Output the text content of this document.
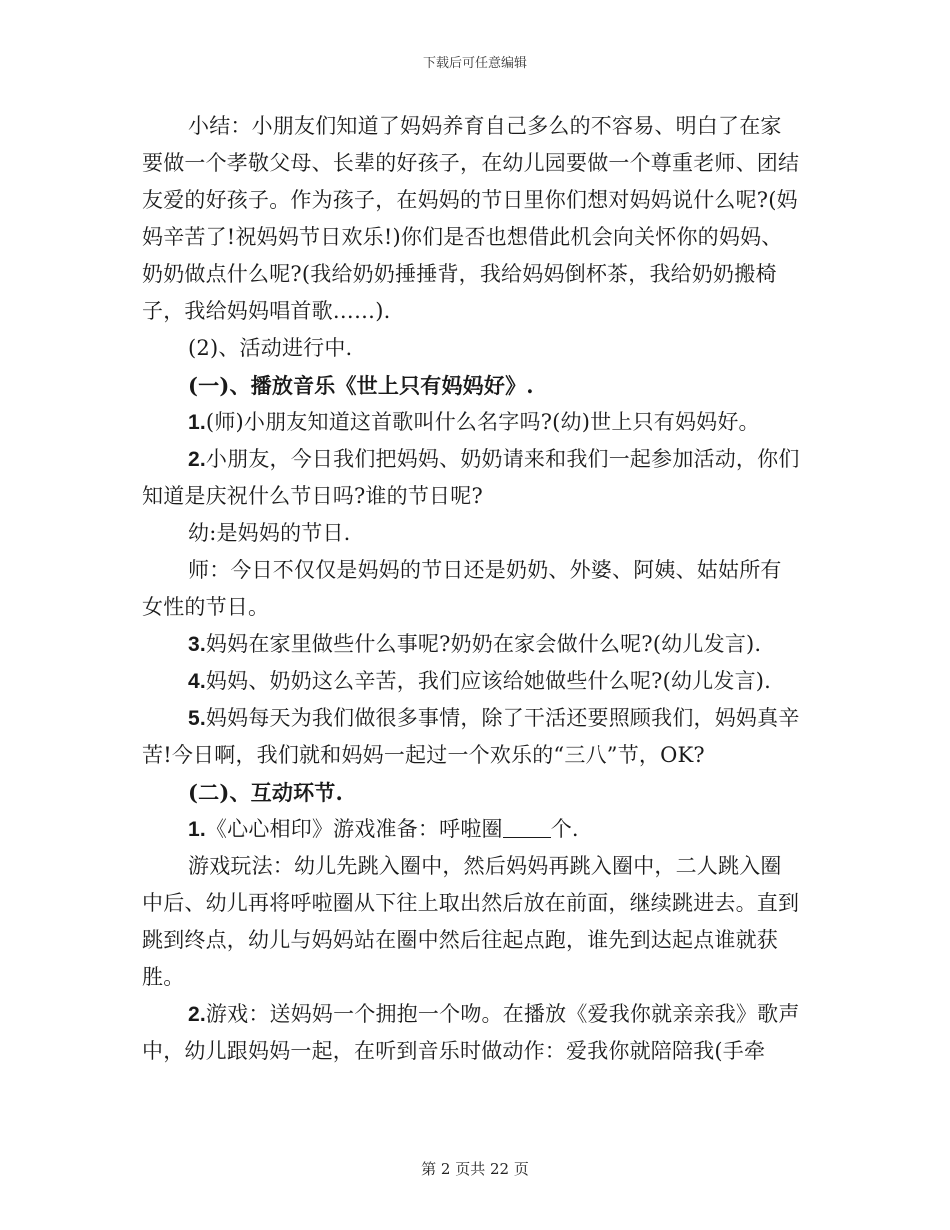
下载后可任意编辑

小结：小朋友们知道了妈妈养育自己多么的不容易、明白了在家要做一个孝敬父母、长辈的好孩子，在幼儿园要做一个尊重老师、团结友爱的好孩子。作为孩子，在妈妈的节日里你们想对妈妈说什么呢?(妈妈辛苦了!祝妈妈节日欢乐!)你们是否也想借此机会向关怀你的妈妈、奶奶做点什么呢?(我给奶奶捶捶背，我给妈妈倒杯茶，我给奶奶搬椅子，我给妈妈唱首歌……).

(2)、活动进行中.

(一)、播放音乐《世上只有妈妈好》.

1.(师)小朋友知道这首歌叫什么名字吗?(幼)世上只有妈妈好。

2.小朋友，今日我们把妈妈、奶奶请来和我们一起参加活动，你们知道是庆祝什么节日吗?谁的节日呢?

幼:是妈妈的节日.

师：今日不仅仅是妈妈的节日还是奶奶、外婆、阿姨、姑姑所有女性的节日。

3.妈妈在家里做些什么事呢?奶奶在家会做什么呢?(幼儿发言).

4.妈妈、奶奶这么辛苦，我们应该给她做些什么呢?(幼儿发言).

5.妈妈每天为我们做很多事情，除了干活还要照顾我们，妈妈真辛苦!今日啊，我们就和妈妈一起过一个欢乐的“三八”节，OK?

(二)、互动环节.

1.《心心相印》游戏准备：呼啦圈 个.

游戏玩法：幼儿先跳入圈中，然后妈妈再跳入圈中，二人跳入圈中后、幼儿再将呼啦圈从下往上取出然后放在前面，继续跳进去。直到跳到终点，幼儿与妈妈站在圈中然后往起点跑，谁先到达起点谁就获胜。

2.游戏：送妈妈一个拥抱一个吻。在播放《爱我你就亲亲我》歌声中，幼儿跟妈妈一起，在听到音乐时做动作：爱我你就陪陪我(手牵

第 2 页共 22 页
